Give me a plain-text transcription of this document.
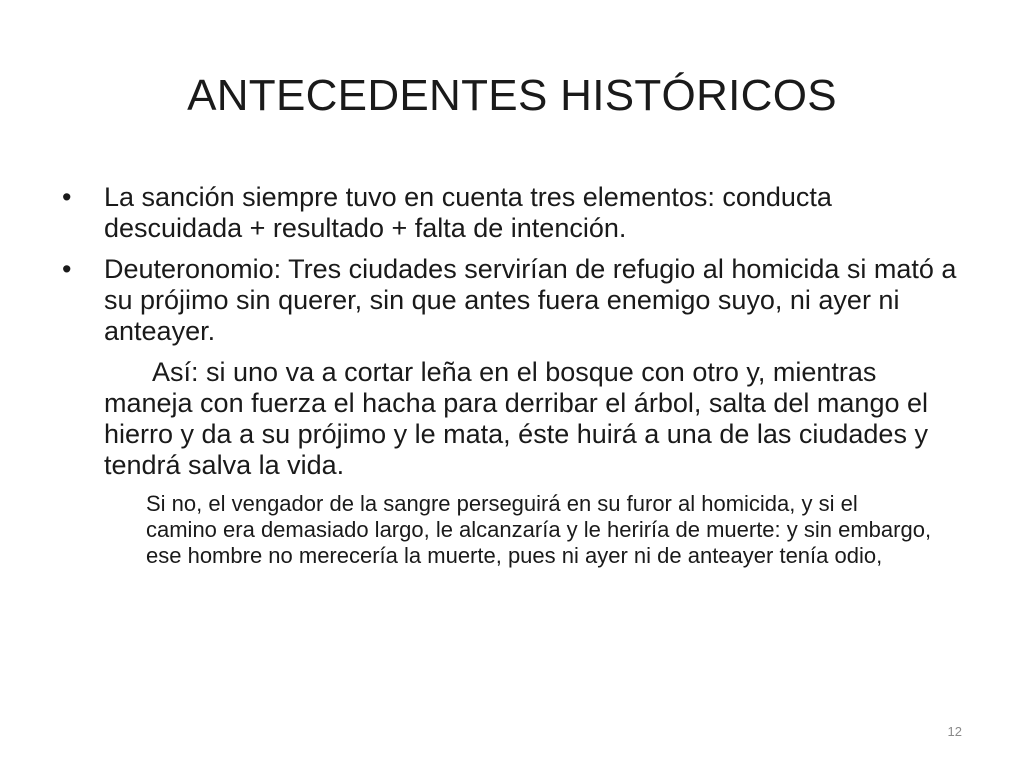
ANTECEDENTES HISTÓRICOS
•	La sanción siempre tuvo en cuenta tres elementos: conducta descuidada + resultado + falta de intención.
•	Deuteronomio: Tres ciudades servirían de refugio al homicida si mató a su prójimo sin querer, sin que antes fuera enemigo suyo, ni ayer ni anteayer.
Así: si uno va a cortar leña en el bosque con otro y, mientras maneja con fuerza el hacha para derribar el árbol, salta del mango el hierro y da a su prójimo y le mata, éste huirá a una de las ciudades y tendrá salva la vida.
Si no, el vengador de la sangre perseguirá en su furor al homicida, y si el camino era demasiado largo, le alcanzaría y le heriría de muerte: y sin embargo, ese hombre no merecería la muerte, pues ni ayer ni de anteayer tenía odio,
12
